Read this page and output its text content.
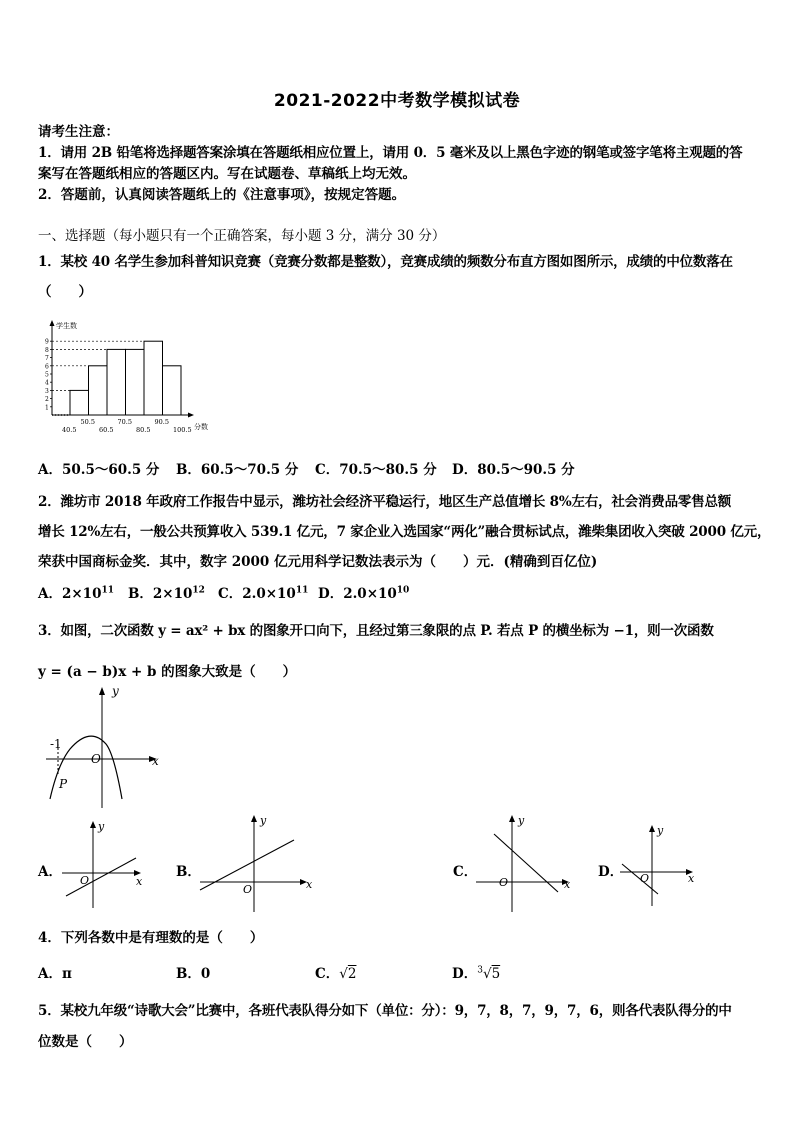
2021-2022中考数学模拟试卷
请考生注意：
1．请用 2B 铅笔将选择题答案涂填在答题纸相应位置上，请用 0．5 毫米及以上黑色字迹的钢笔或签字笔将主观题的答
案写在答题纸相应的答题区内。写在试题卷、草稿纸上均无效。
2．答题前，认真阅读答题纸上的《注意事项》，按规定答题。
一、选择题（每小题只有一个正确答案，每小题 3 分，满分 30 分）
1．某校 40 名学生参加科普知识竞赛（竞赛分数都是整数），竞赛成绩的频数分布直方图如图所示，成绩的中位数落在
（　　）
学生数
分数
1
2
3
4
5
6
7
8
9
40.5
50.5
60.5
70.5
80.5
90.5
100.5
A．50.5～60.5 分 B．60.5～70.5 分 C．70.5～80.5 分 D．80.5～90.5 分
2．潍坊市 2018 年政府工作报告中显示，潍坊社会经济平稳运行，地区生产总值增长 8%左右，社会消费品零售总额
增长 12%左右，一般公共预算收入 539.1 亿元，7 家企业入选国家“两化”融合贯标试点，潍柴集团收入突破 2000 亿元，
荣获中国商标金奖．其中，数字 2000 亿元用科学记数法表示为（　　）元．(精确到百亿位)
A．$2\times 10^{11}$ B．$2\times 10^{12}$ C．$2.0\times 10^{11}$ D．$2.0\times 10^{10}$
3．如图，二次函数 y = ax² + bx 的图象开口向下，且经过第三象限的点 P. 若点 P 的横坐标为 −1，则一次函数
y = (a − b)x + b 的图象大致是（　　）
y
x
O
-1
P
A．
y
x
O
B．
y
x
O
C．
y
x
O
D．
y
x
O
4．下列各数中是有理数的是（　　）
A．π	B．0	C．√2	D．$^3$√5
5．某校九年级“诗歌大会”比赛中，各班代表队得分如下（单位：分）：9，7，8，7，9，7，6，则各代表队得分的中
位数是（　　）
